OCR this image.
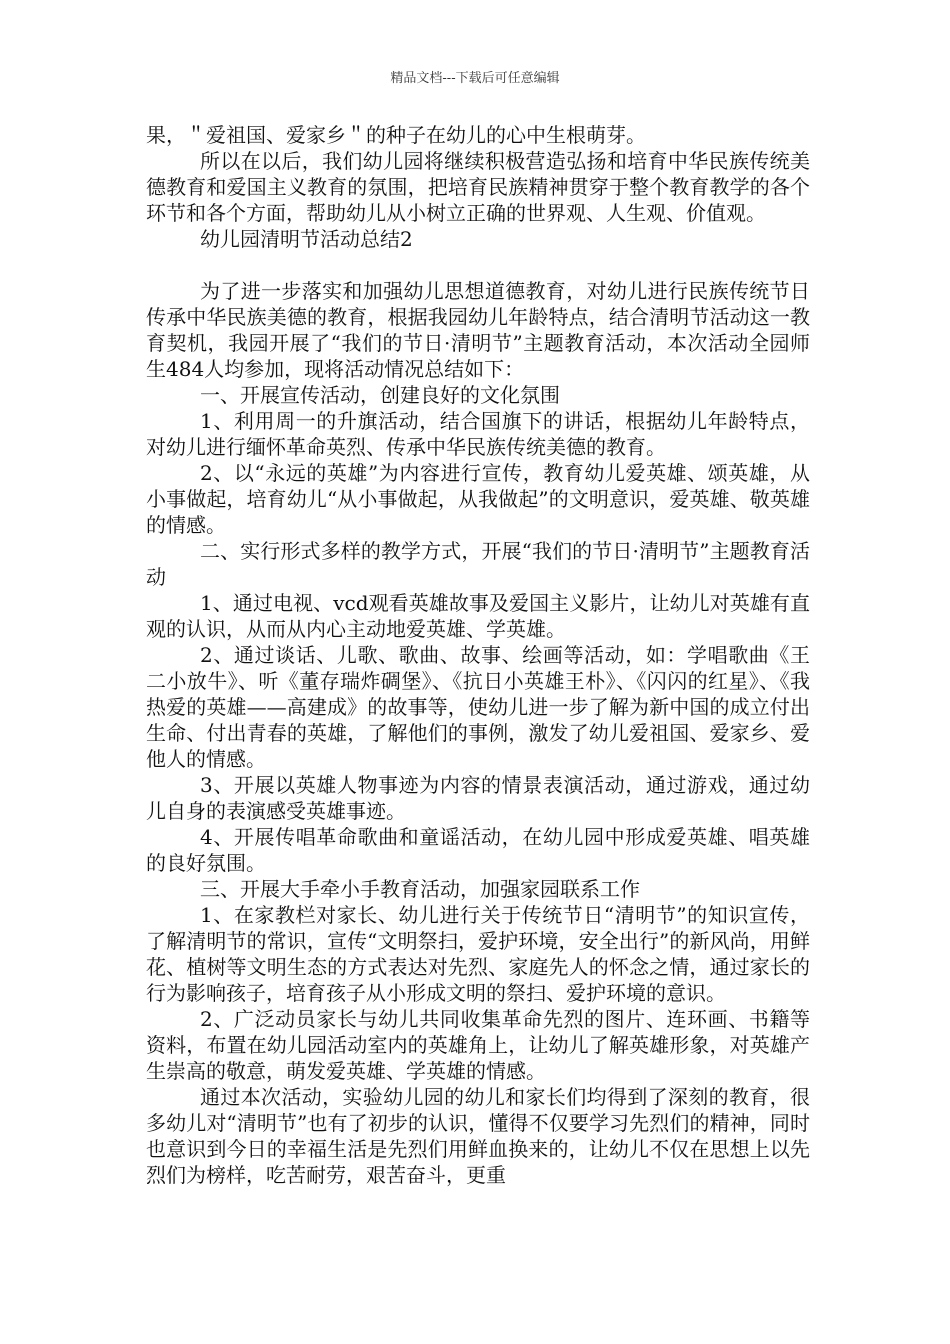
精品文档---下载后可任意编辑

果，＂爱祖国、爱家乡＂的种子在幼儿的心中生根萌芽。

所以在以后，我们幼儿园将继续积极营造弘扬和培育中华民族传统美德教育和爱国主义教育的氛围，把培育民族精神贯穿于整个教育教学的各个环节和各个方面，帮助幼儿从小树立正确的世界观、人生观、价值观。

幼儿园清明节活动总结2

为了进一步落实和加强幼儿思想道德教育，对幼儿进行民族传统节日传承中华民族美德的教育，根据我园幼儿年龄特点，结合清明节活动这一教育契机，我园开展了“我们的节日·清明节”主题教育活动，本次活动全园师生484人均参加，现将活动情况总结如下：

一、开展宣传活动，创建良好的文化氛围

1、利用周一的升旗活动，结合国旗下的讲话，根据幼儿年龄特点，对幼儿进行缅怀革命英烈、传承中华民族传统美德的教育。

2、以“永远的英雄”为内容进行宣传，教育幼儿爱英雄、颂英雄，从小事做起，培育幼儿“从小事做起，从我做起”的文明意识，爱英雄、敬英雄的情感。

二、实行形式多样的教学方式，开展“我们的节日·清明节”主题教育活动

1、通过电视、vcd观看英雄故事及爱国主义影片，让幼儿对英雄有直观的认识，从而从内心主动地爱英雄、学英雄。

2、通过谈话、儿歌、歌曲、故事、绘画等活动，如：学唱歌曲《王二小放牛》、听《董存瑞炸碉堡》、《抗日小英雄王朴》、《闪闪的红星》、《我热爱的英雄——高建成》的故事等，使幼儿进一步了解为新中国的成立付出生命、付出青春的英雄，了解他们的事例，激发了幼儿爱祖国、爱家乡、爱他人的情感。

3、开展以英雄人物事迹为内容的情景表演活动，通过游戏，通过幼儿自身的表演感受英雄事迹。

4、开展传唱革命歌曲和童谣活动，在幼儿园中形成爱英雄、唱英雄的良好氛围。

三、开展大手牵小手教育活动，加强家园联系工作

1、在家教栏对家长、幼儿进行关于传统节日“清明节”的知识宣传，了解清明节的常识，宣传“文明祭扫，爱护环境，安全出行”的新风尚，用鲜花、植树等文明生态的方式表达对先烈、家庭先人的怀念之情，通过家长的行为影响孩子，培育孩子从小形成文明的祭扫、爱护环境的意识。

2、广泛动员家长与幼儿共同收集革命先烈的图片、连环画、书籍等资料，布置在幼儿园活动室内的英雄角上，让幼儿了解英雄形象，对英雄产生崇高的敬意，萌发爱英雄、学英雄的情感。

通过本次活动，实验幼儿园的幼儿和家长们均得到了深刻的教育，很多幼儿对“清明节”也有了初步的认识，懂得不仅要学习先烈们的精神，同时也意识到今日的幸福生活是先烈们用鲜血换来的，让幼儿不仅在思想上以先烈们为榜样，吃苦耐劳，艰苦奋斗，更重
